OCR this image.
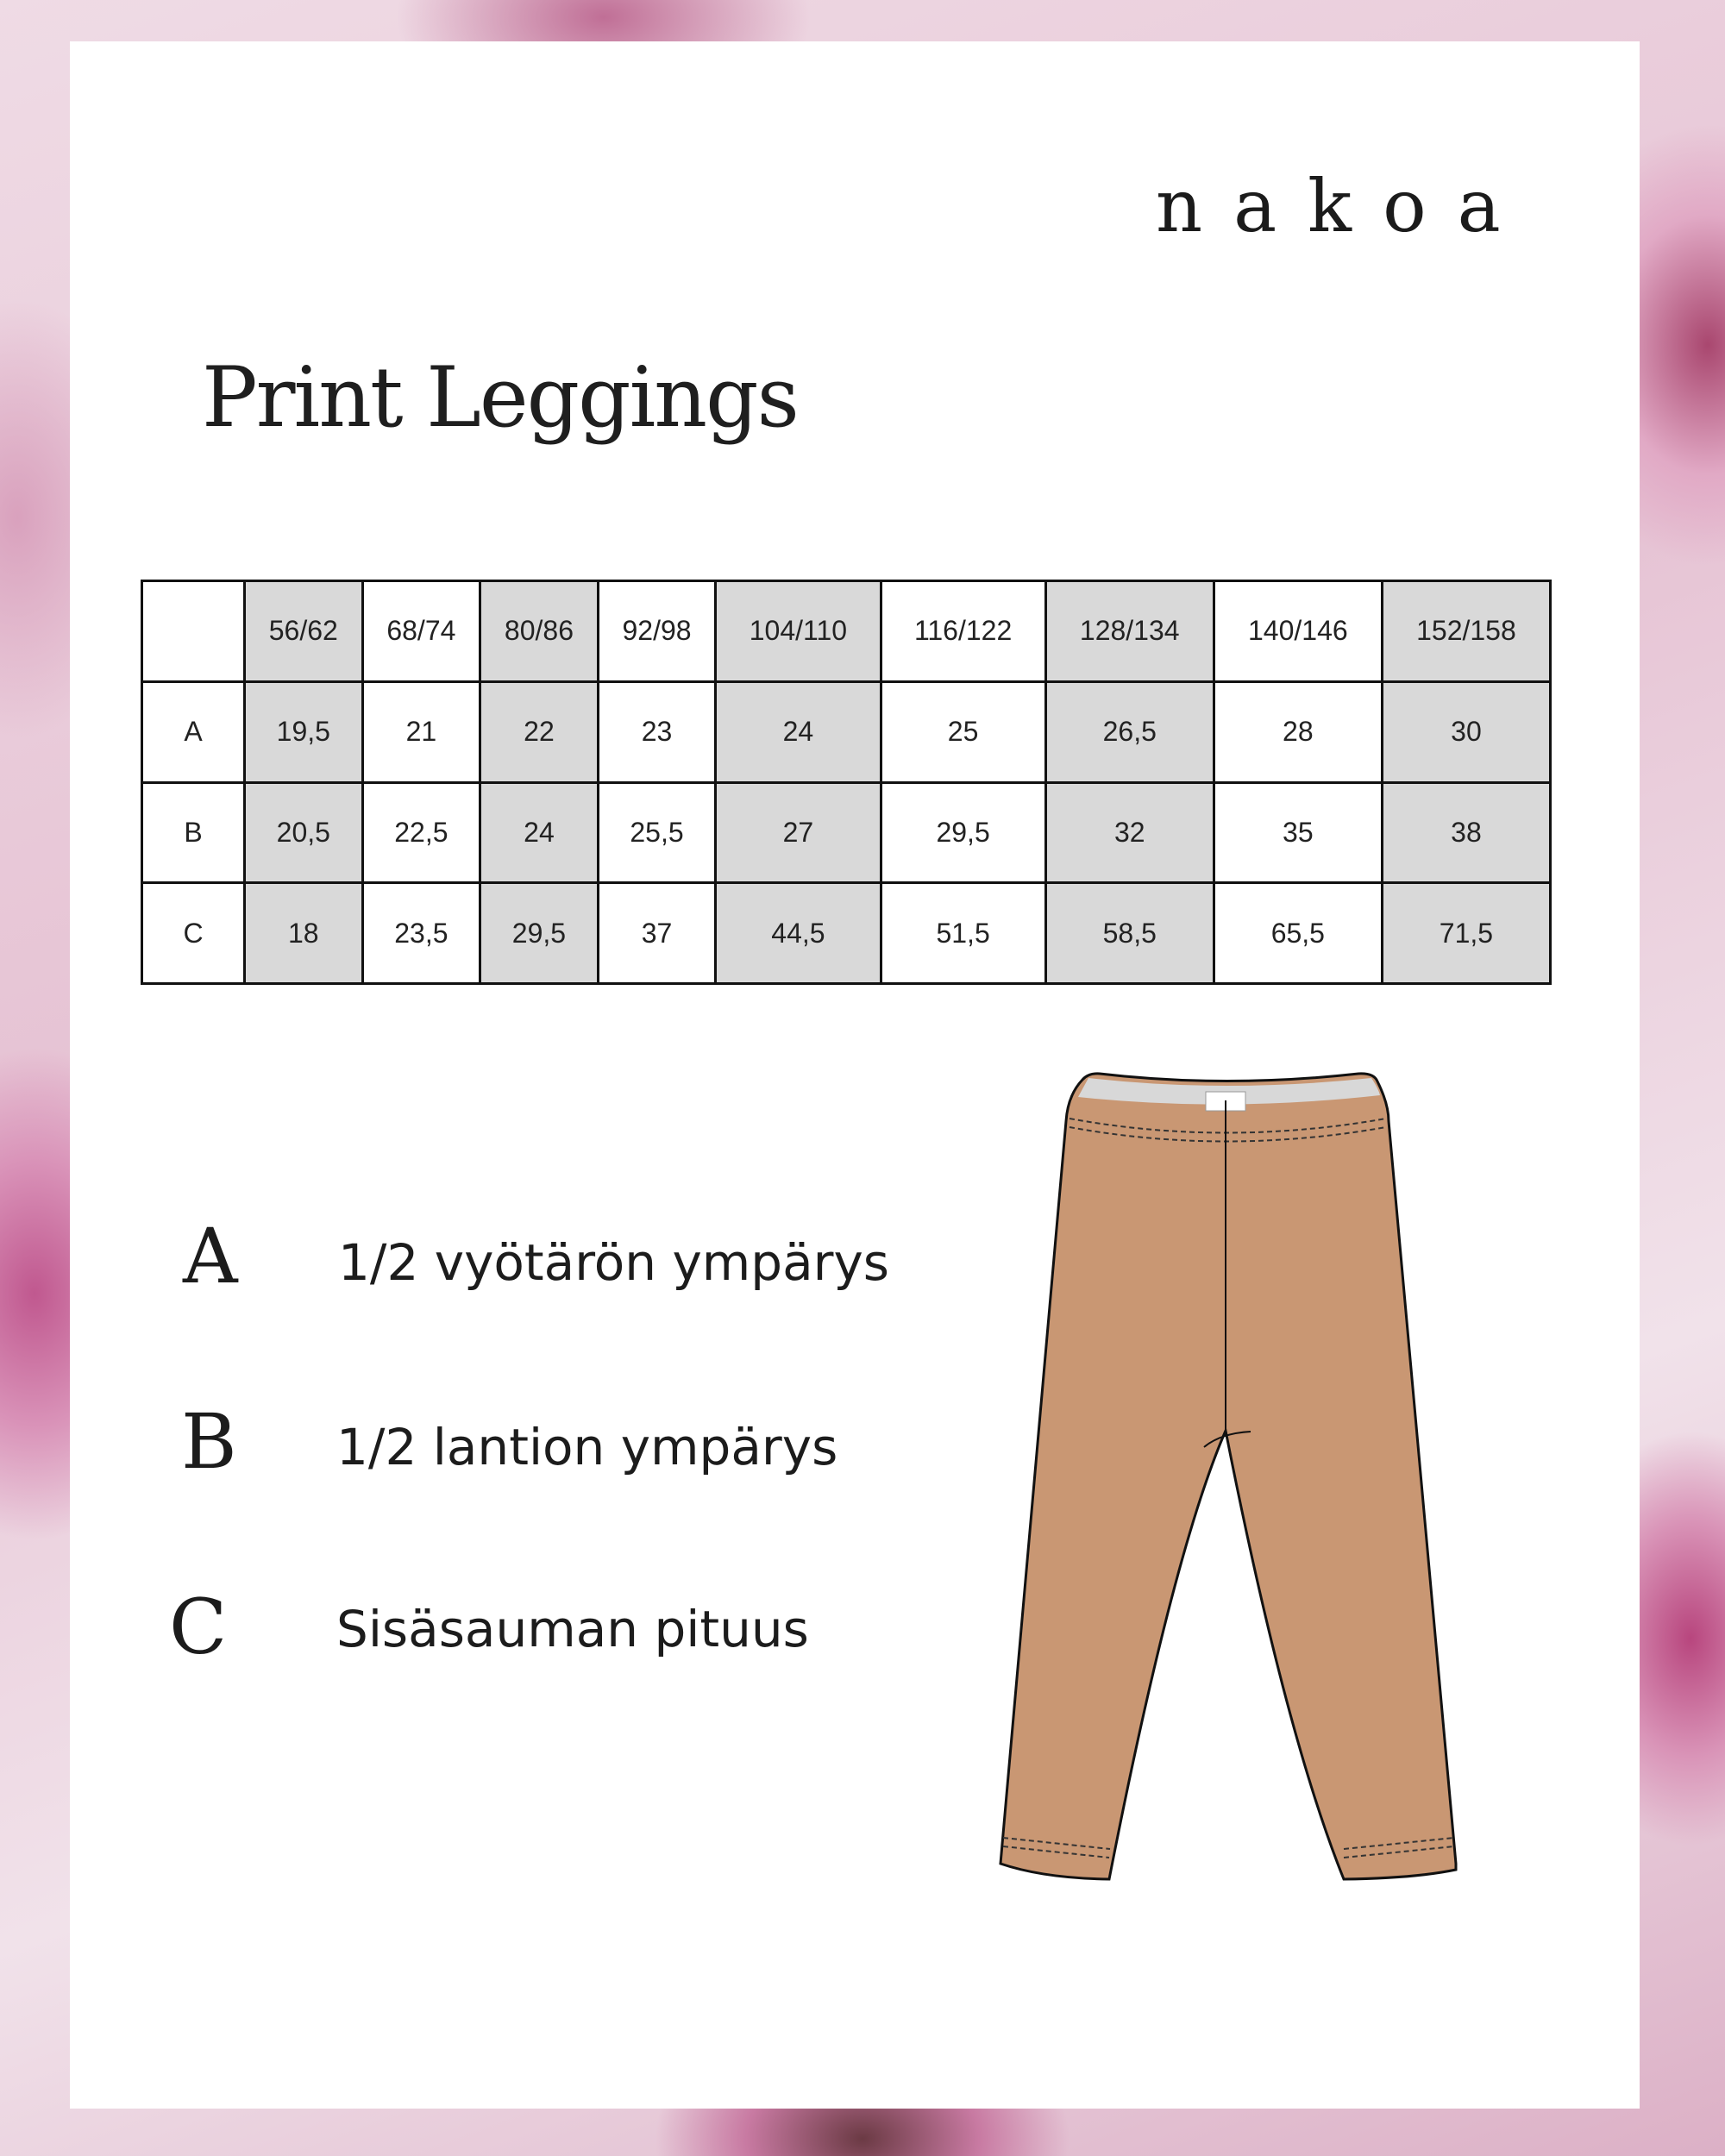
nakoa
Print Leggings
	56/62	68/74	80/86	92/98	104/110	116/122	128/134	140/146	152/158
A	19,5	21	22	23	24	25	26,5	28	30
B	20,5	22,5	24	25,5	27	29,5	32	35	38
C	18	23,5	29,5	37	44,5	51,5	58,5	65,5	71,5
A 1/2 vyötärön ympärys
B 1/2 lantion ympärys
C Sisäsauman pituus
